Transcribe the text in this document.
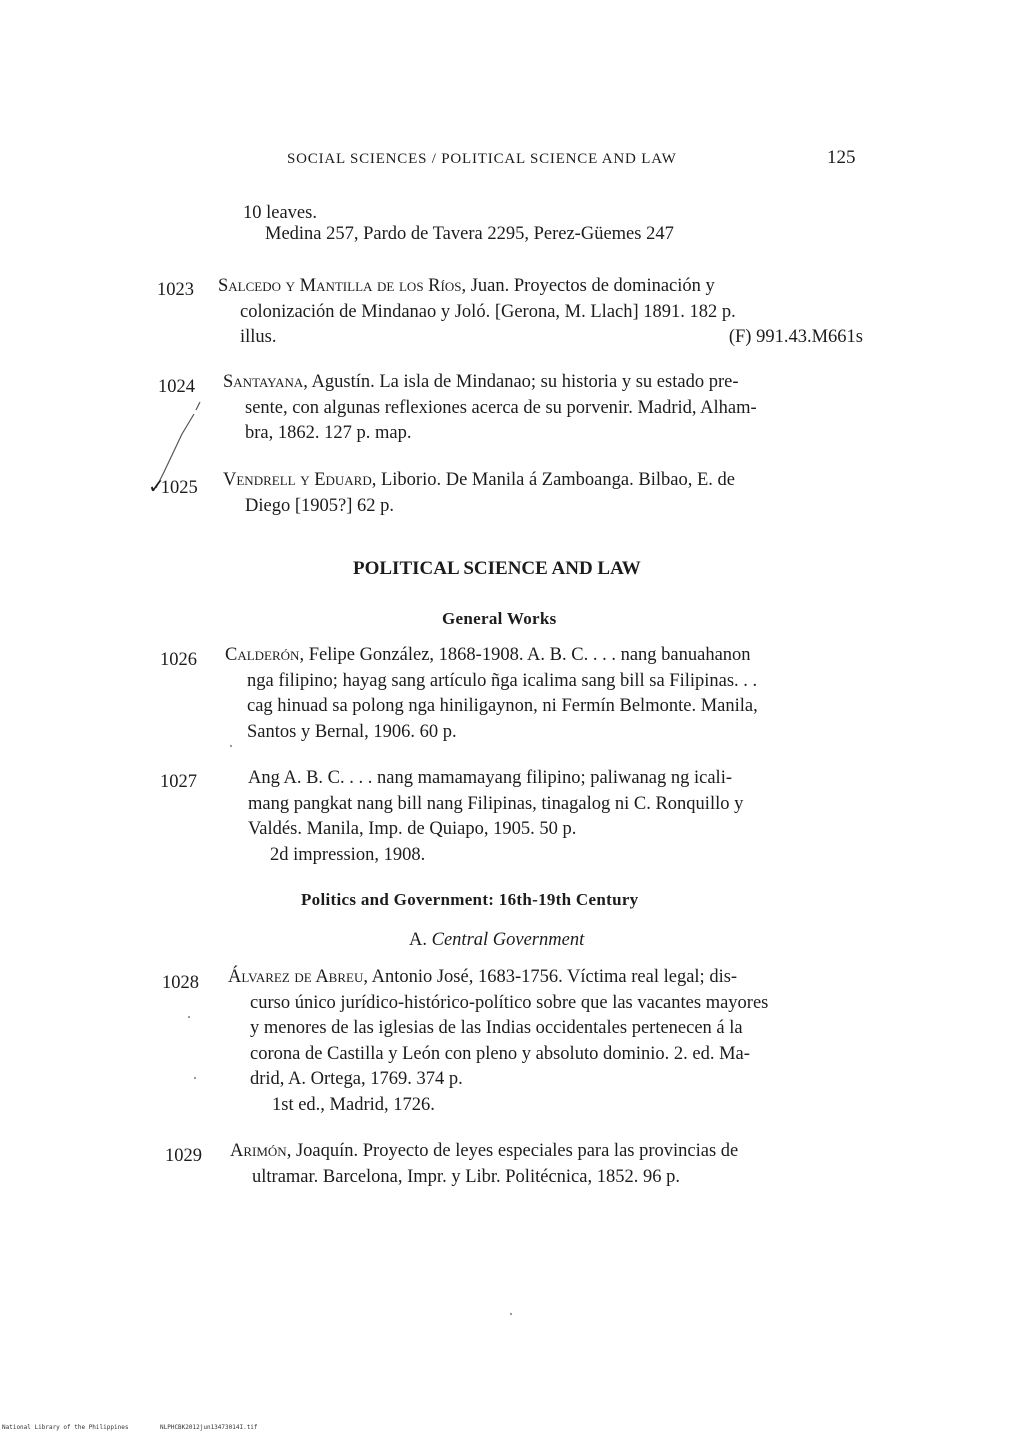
SOCIAL SCIENCES / POLITICAL SCIENCE AND LAW	125
10 leaves.
Medina 257, Pardo de Tavera 2295, Perez-Güemes 247
1023 Salcedo y Mantilla de los Ríos, Juan. Proyectos de dominación y
colonización de Mindanao y Joló. [Gerona, M. Llach] 1891. 182 p.
illus.	(F) 991.43.M661s
1024 Santayana, Agustín. La isla de Mindanao; su historia y su estado pre-
sente, con algunas reflexiones acerca de su porvenir. Madrid, Alham-
bra, 1862. 127 p. map.
✓1025 Vendrell y Eduard, Liborio. De Manila á Zamboanga. Bilbao, E. de
Diego [1905?] 62 p.
POLITICAL SCIENCE AND LAW
General Works
1026 Calderón, Felipe González, 1868-1908. A. B. C. . . . nang banuahanon
nga filipino; hayag sang artículo ñga icalima sang bill sa Filipinas. . .
cag hinuad sa polong nga hiniligaynon, ni Fermín Belmonte. Manila,
Santos y Bernal, 1906. 60 p.
1027	Ang A. B. C. . . . nang mamamayang filipino; paliwanag ng icali-
mang pangkat nang bill nang Filipinas, tinagalog ni C. Ronquillo y
Valdés. Manila, Imp. de Quiapo, 1905. 50 p.
2d impression, 1908.
Politics and Government: 16th-19th Century
A. Central Government
1028 Álvarez de Abreu, Antonio José, 1683-1756. Víctima real legal; dis-
curso único jurídico-histórico-político sobre que las vacantes mayores
y menores de las iglesias de las Indias occidentales pertenecen á la
corona de Castilla y León con pleno y absoluto dominio. 2. ed. Ma-
drid, A. Ortega, 1769. 374 p.
1st ed., Madrid, 1726.
1029 Arimón, Joaquín. Proyecto de leyes especiales para las provincias de
ultramar. Barcelona, Impr. y Libr. Politécnica, 1852. 96 p.
National Library of the Philippines	NLPHCBK2012jun13473014I.tif
